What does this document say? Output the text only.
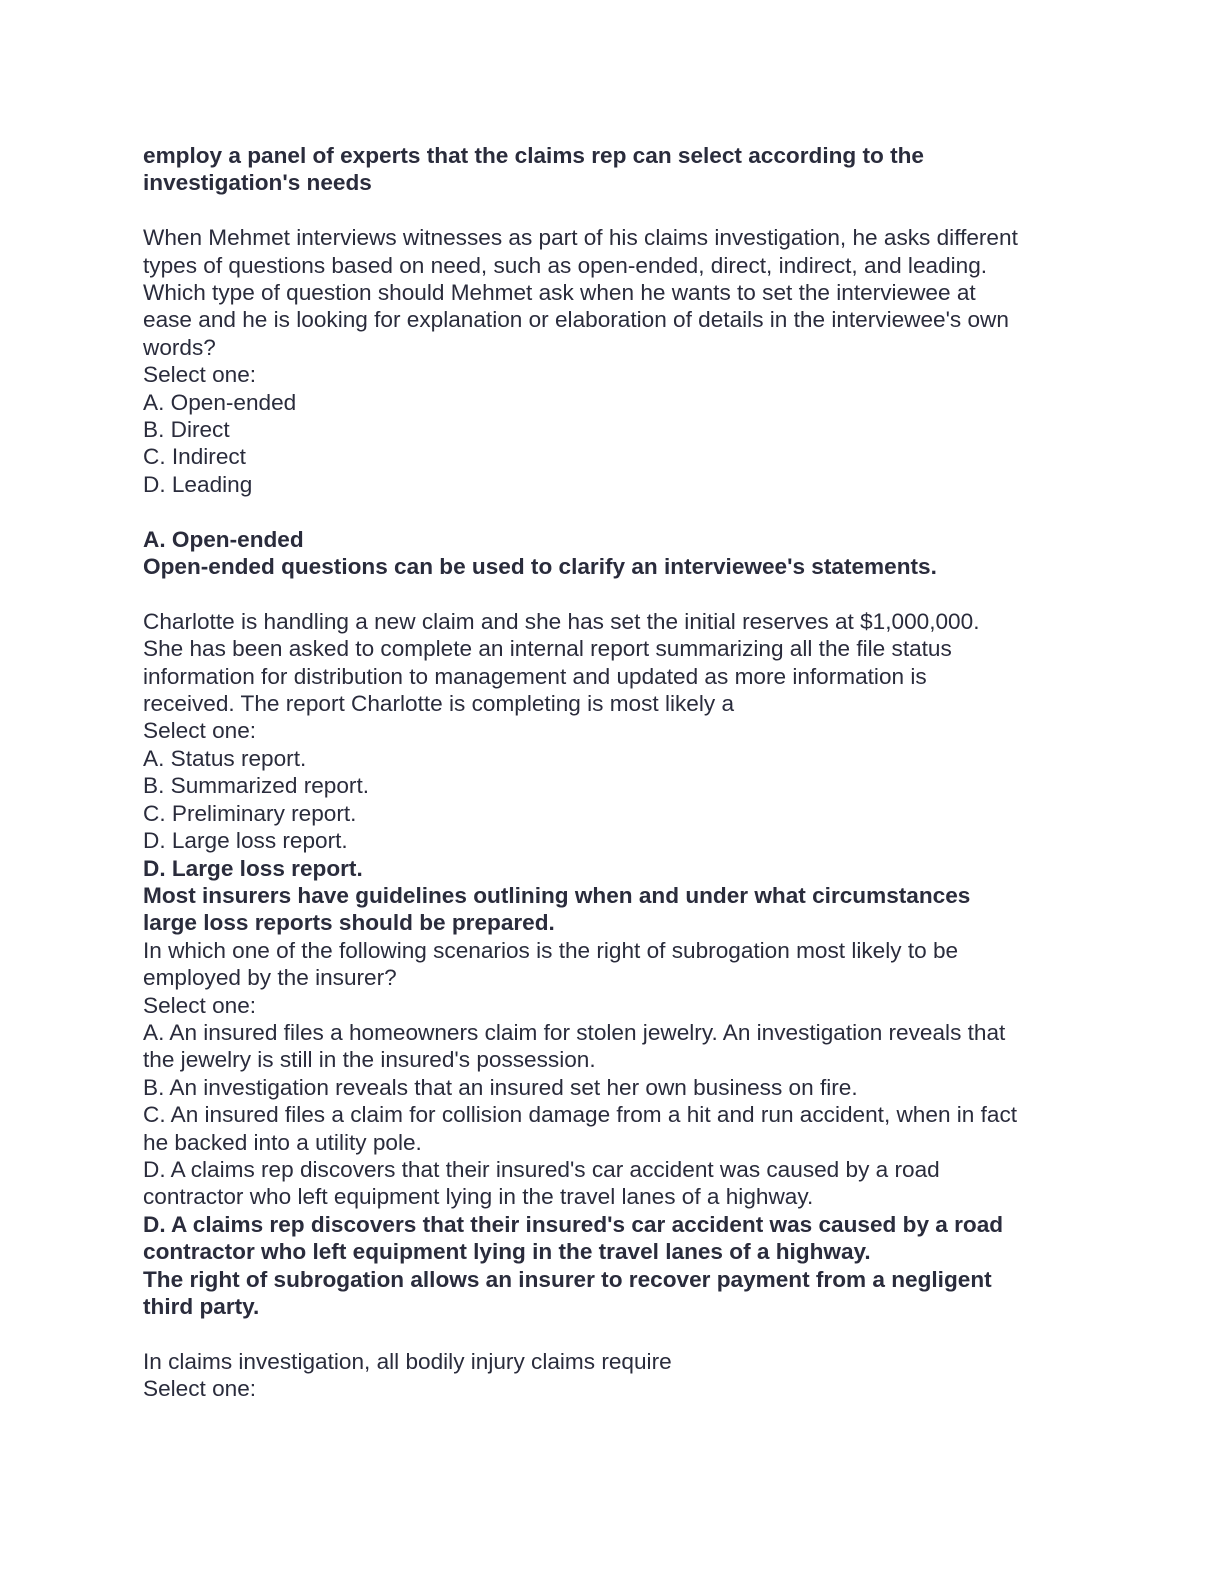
employ a panel of experts that the claims rep can select according to the

investigation's needs

When Mehmet interviews witnesses as part of his claims investigation, he asks different

types of questions based on need, such as open-ended, direct, indirect, and leading.

Which type of question should Mehmet ask when he wants to set the interviewee at

ease and he is looking for explanation or elaboration of details in the interviewee's own

words?

Select one:

A. Open-ended

B. Direct

C. Indirect

D. Leading

A. Open-ended

Open-ended questions can be used to clarify an interviewee's statements.

Charlotte is handling a new claim and she has set the initial reserves at $1,000,000.

She has been asked to complete an internal report summarizing all the file status

information for distribution to management and updated as more information is

received. The report Charlotte is completing is most likely a

Select one:

A. Status report.

B. Summarized report.

C. Preliminary report.

D. Large loss report.

D. Large loss report.

Most insurers have guidelines outlining when and under what circumstances

large loss reports should be prepared.

In which one of the following scenarios is the right of subrogation most likely to be

employed by the insurer?

Select one:

A. An insured files a homeowners claim for stolen jewelry. An investigation reveals that

the jewelry is still in the insured's possession.

B. An investigation reveals that an insured set her own business on fire.

C. An insured files a claim for collision damage from a hit and run accident, when in fact

he backed into a utility pole.

D. A claims rep discovers that their insured's car accident was caused by a road

contractor who left equipment lying in the travel lanes of a highway.

D. A claims rep discovers that their insured's car accident was caused by a road

contractor who left equipment lying in the travel lanes of a highway.

The right of subrogation allows an insurer to recover payment from a negligent

third party.

In claims investigation, all bodily injury claims require

Select one:
